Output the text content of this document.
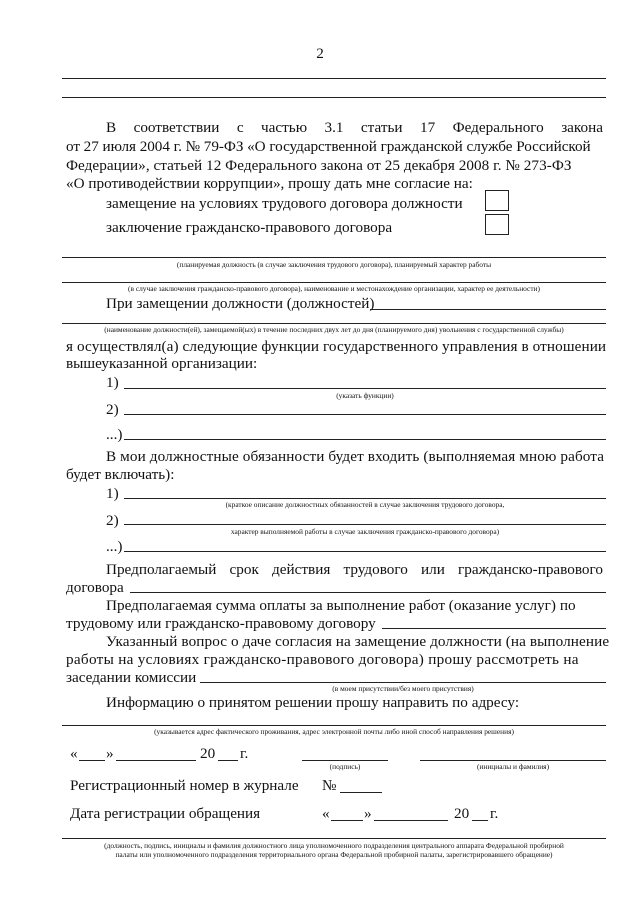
2
В соответствии с частью 3.1 статьи 17 Федерального закона
от 27 июля 2004 г. № 79-ФЗ «О государственной гражданской службе Российской
Федерации», статьей 12 Федерального закона от 25 декабря 2008 г. № 273-ФЗ
«О противодействии коррупции», прошу дать мне согласие на:
замещение на условиях трудового договора должности
заключение гражданско-правового договора
(планируемая должность (в случае заключения трудового договора), планируемый характер работы
(в случае заключения гражданско-правового договора), наименование и местонахождение организации, характер ее деятельности)
При замещении должности (должностей)
(наименование должности(ей), замещаемой(ых) в течение последних двух лет до дня (планируемого дня) увольнения с государственной службы)
я осуществлял(а) следующие функции государственного управления в отношении
вышеуказанной организации:
1)
(указать функции)
2)
...)
В мои должностные обязанности будет входить (выполняемая мною работа
будет включать):
1)
(краткое описание должностных обязанностей в случае заключения трудового договора,
2)
характер выполняемой работы в случае заключения гражданско-правового договора)
...)
Предполагаемый срок действия трудового или гражданско-правового
договора
Предполагаемая сумма оплаты за выполнение работ (оказание услуг) по
трудовому или гражданско-правовому договору
Указанный вопрос о даче согласия на замещение должности (на выполнение
работы на условиях гражданско-правового договора) прошу рассмотреть на
заседании комиссии
(в моем присутствии/без моего присутствия)
Информацию о принятом решении прошу направить по адресу:
(указывается адрес фактического проживания, адрес электронной почты либо иной способ направления решения)
« »	20 г.
(подпись)	(инициалы и фамилия)
Регистрационный номер в журнале №
Дата регистрации обращения	« »	20 г.
(должность, подпись, инициалы и фамилия должностного лица уполномоченного подразделения центрального аппарата Федеральной пробирной
палаты или уполномоченного подразделения территориального органа Федеральной пробирной палаты, зарегистрировавшего обращение)
